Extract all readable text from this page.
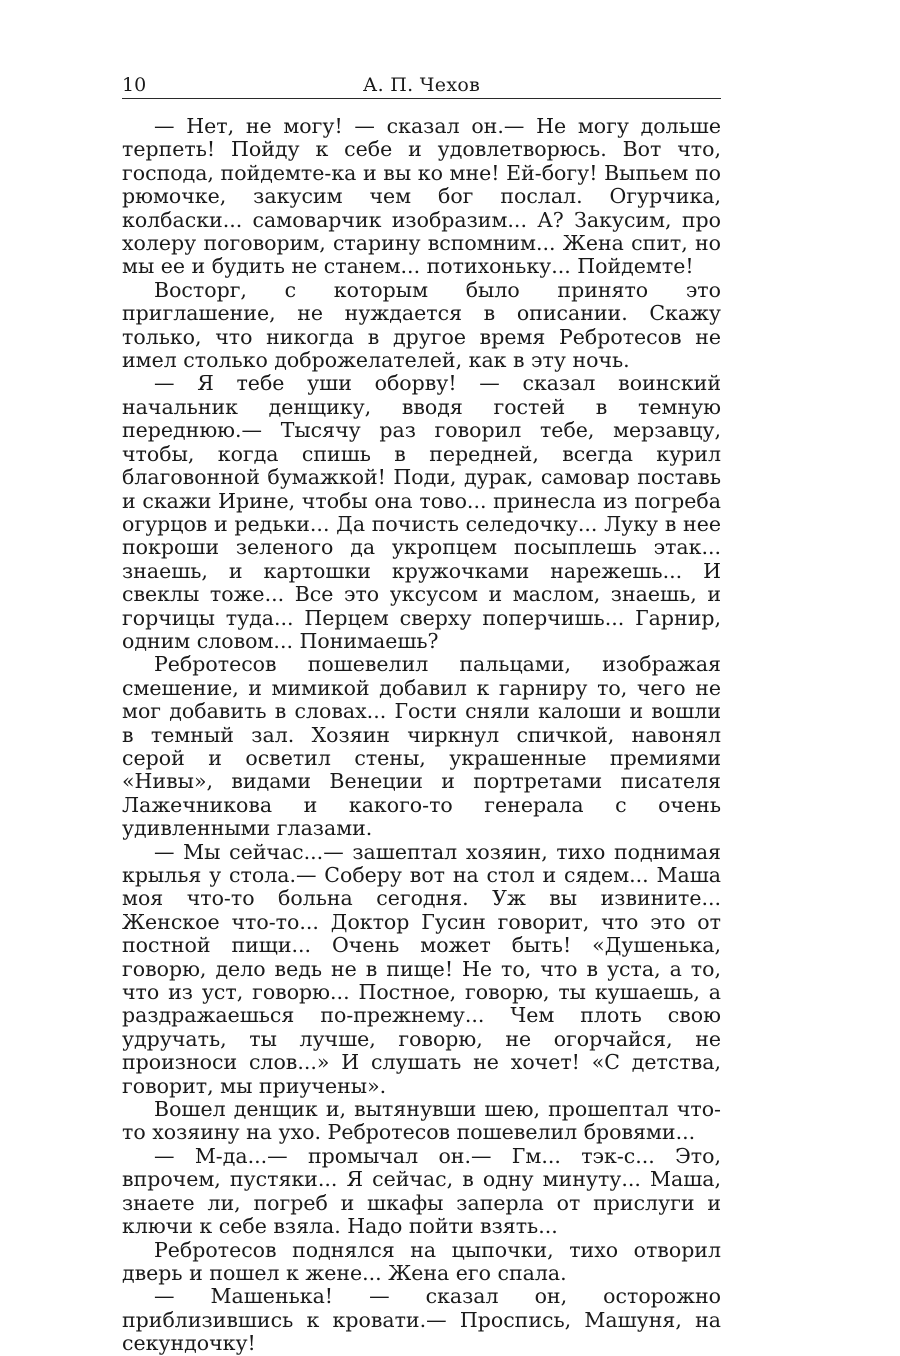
10	А. П. Чехов

— Нет, не могу! — сказал он.— Не могу дольше терпеть! Пойду к себе и удовлетворюсь. Вот что, господа, пойдемте-ка и вы ко мне! Ей-богу! Выпьем по рюмочке, закусим чем бог послал. Огурчика, колбаски... самоварчик изобразим... А? Закусим, про холеру поговорим, старину вспомним... Жена спит, но мы ее и будить не станем... потихоньку... Пойдемте!

Восторг, с которым было принято это приглашение, не нуждается в описании. Скажу только, что никогда в другое время Ребротесов не имел столько доброжелателей, как в эту ночь.

— Я тебе уши оборву! — сказал воинский начальник денщику, вводя гостей в темную переднюю.— Тысячу раз говорил тебе, мерзавцу, чтобы, когда спишь в передней, всегда курил благовонной бумажкой! Поди, дурак, самовар поставь и скажи Ирине, чтобы она тово... принесла из погреба огурцов и редьки... Да почисть селедочку... Луку в нее покроши зеленого да укропцем посыплешь этак... знаешь, и картошки кружочками нарежешь... И свеклы тоже... Все это уксусом и маслом, знаешь, и горчицы туда... Перцем сверху поперчишь... Гарнир, одним словом... Понимаешь?

Ребротесов пошевелил пальцами, изображая смешение, и мимикой добавил к гарниру то, чего не мог добавить в словах... Гости сняли калоши и вошли в темный зал. Хозяин чиркнул спичкой, навонял серой и осветил стены, украшенные премиями «Нивы», видами Венеции и портретами писателя Лажечникова и какого-то генерала с очень удивленными глазами.

— Мы сейчас...— зашептал хозяин, тихо поднимая крылья у стола.— Соберу вот на стол и сядем... Маша моя что-то больна сегодня. Уж вы извините... Женское что-то... Доктор Гусин говорит, что это от постной пищи... Очень может быть! «Душенька, говорю, дело ведь не в пище! Не то, что в уста, а то, что из уст, говорю... Постное, говорю, ты кушаешь, а раздражаешься по-прежнему... Чем плоть свою удручать, ты лучше, говорю, не огорчайся, не произноси слов...» И слушать не хочет! «С детства, говорит, мы приучены».

Вошел денщик и, вытянувши шею, прошептал что-то хозяину на ухо. Ребротесов пошевелил бровями...

— М-да...— промычал он.— Гм... тэк-с... Это, впрочем, пустяки... Я сейчас, в одну минуту... Маша, знаете ли, погреб и шкафы заперла от прислуги и ключи к себе взяла. Надо пойти взять...

Ребротесов поднялся на цыпочки, тихо отворил дверь и пошел к жене... Жена его спала.

— Машенька! — сказал он, осторожно приблизившись к кровати.— Проспись, Машуня, на секундочку!
